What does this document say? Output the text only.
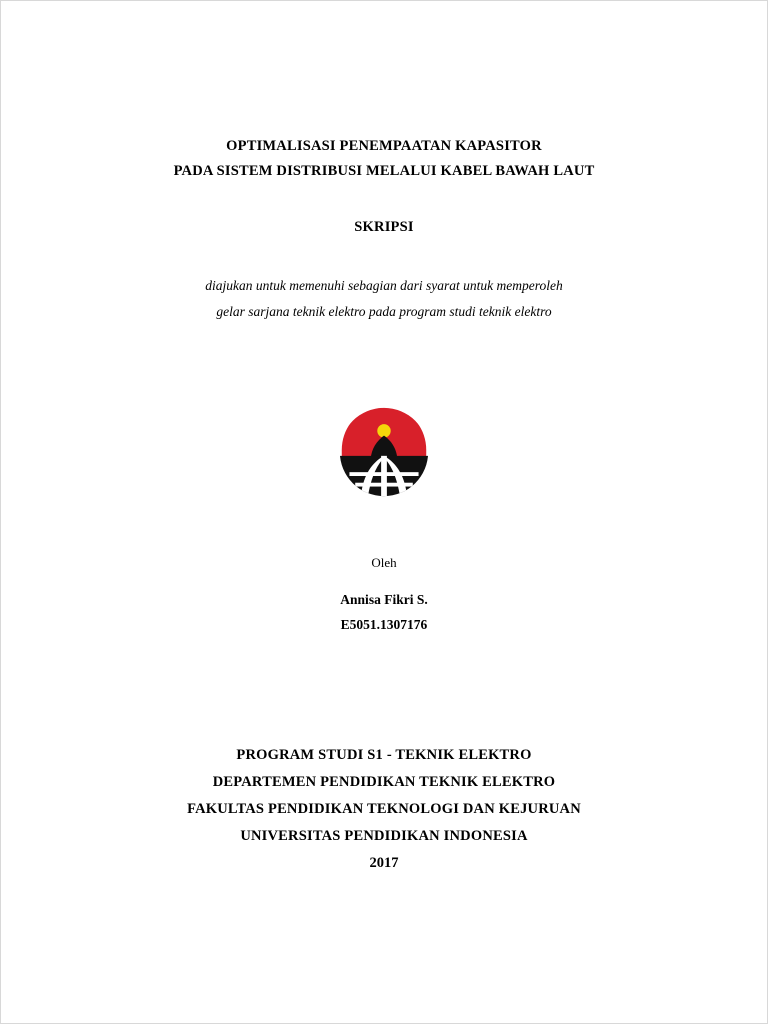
OPTIMALISASI PENEMPAATAN KAPASITOR
PADA SISTEM DISTRIBUSI MELALUI KABEL BAWAH LAUT
SKRIPSI
diajukan untuk memenuhi sebagian dari syarat untuk memperoleh
gelar sarjana teknik elektro pada program studi teknik elektro
Oleh
Annisa Fikri S.
E5051.1307176
PROGRAM STUDI S1 - TEKNIK ELEKTRO
DEPARTEMEN PENDIDIKAN TEKNIK ELEKTRO
FAKULTAS PENDIDIKAN TEKNOLOGI DAN KEJURUAN
UNIVERSITAS PENDIDIKAN INDONESIA
2017
